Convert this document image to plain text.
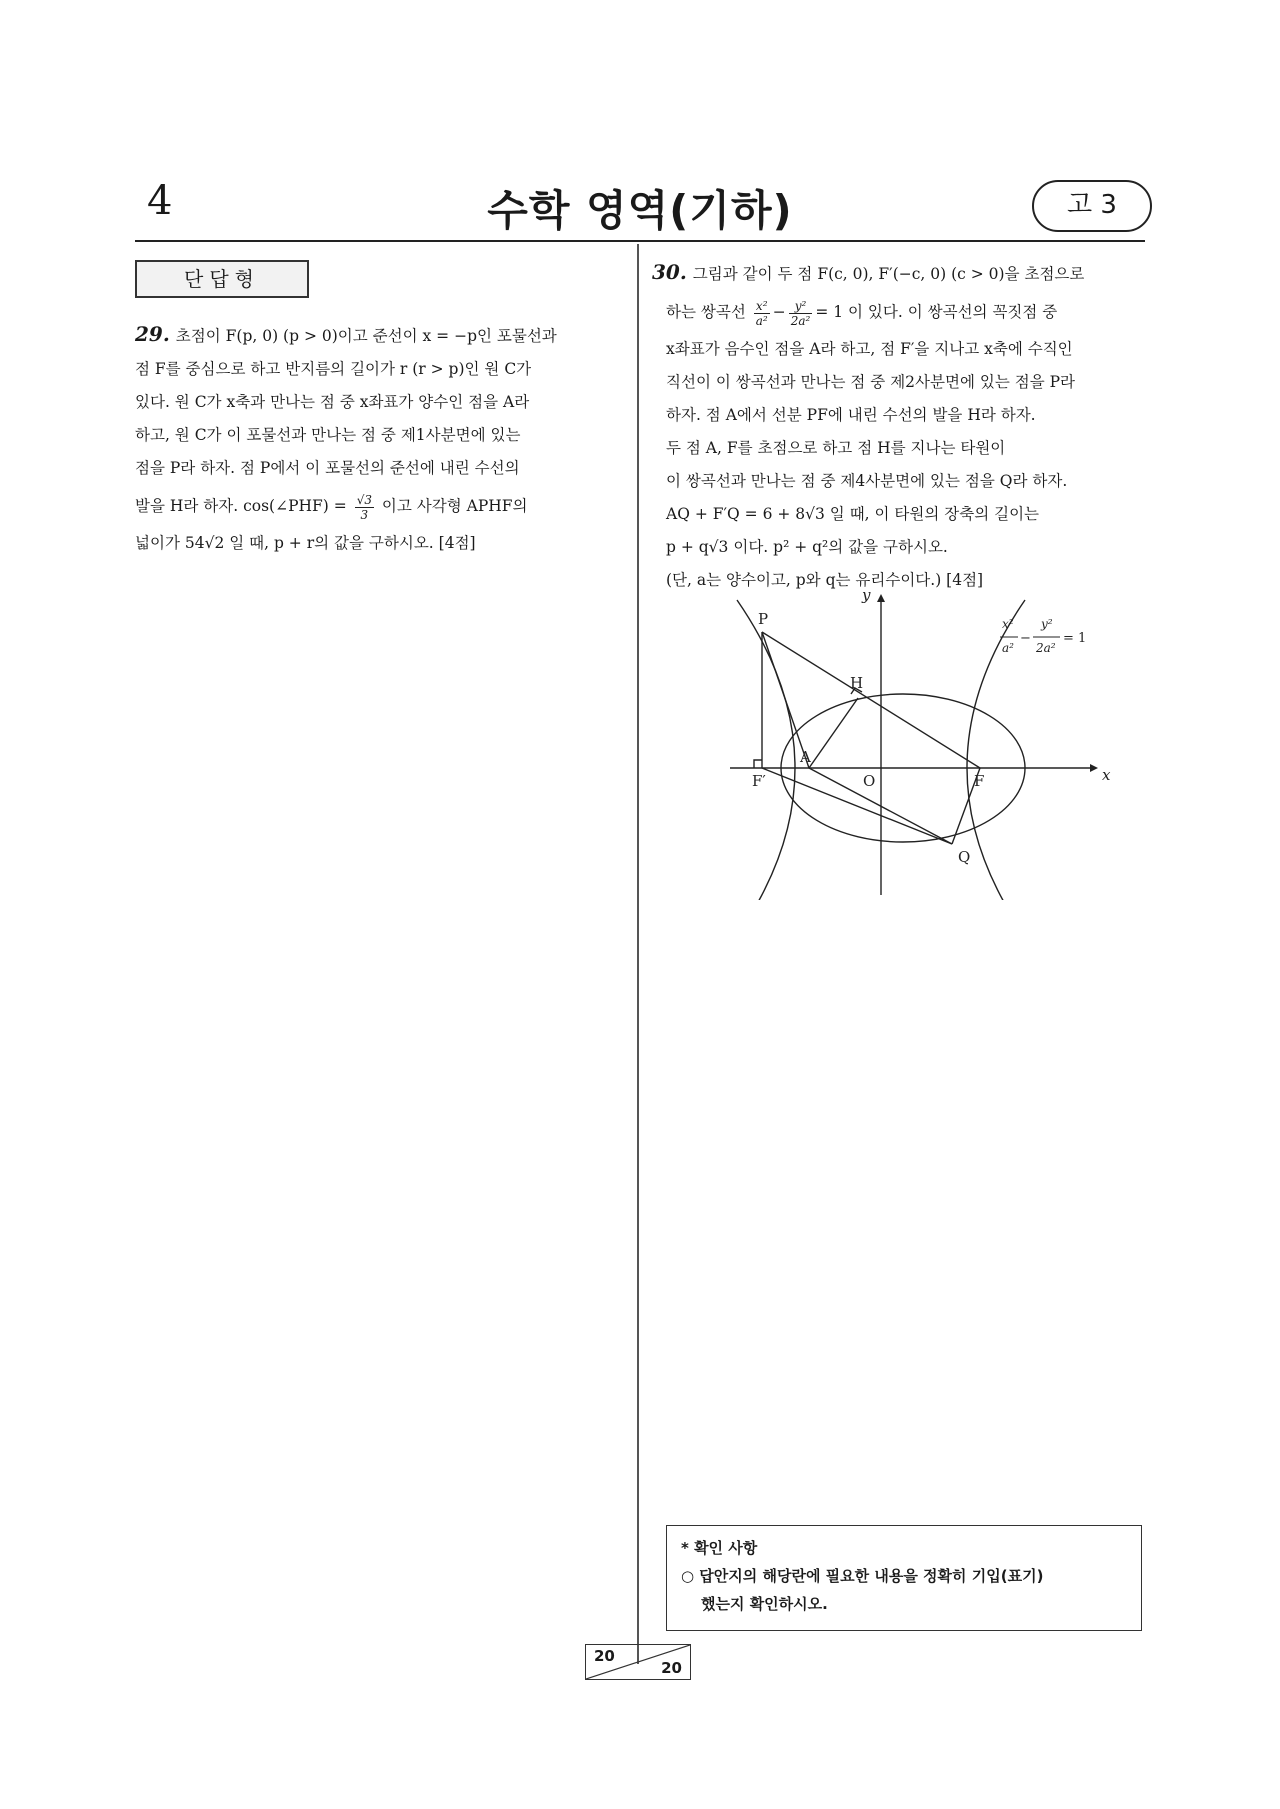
4	수학 영역(기하)	고 3
단답형
29. 초점이 F(p, 0) (p > 0)이고 준선이 x = −p인 포물선과
점 F를 중심으로 하고 반지름의 길이가 r (r > p)인 원 C가
있다. 원 C가 x축과 만나는 점 중 x좌표가 양수인 점을 A라
하고, 원 C가 이 포물선과 만나는 점 중 제1사분면에 있는
점을 P라 하자. 점 P에서 이 포물선의 준선에 내린 수선의
발을 H라 하자. cos(∠PHF) = $\frac{√3}{3}$ 이고 사각형 APHF의
넓이가 54√2 일 때, p + r의 값을 구하시오. [4점]
30. 그림과 같이 두 점 F(c, 0), F′(−c, 0) (c > 0)을 초점으로
하는 쌍곡선 $\frac{\text{x²}}{\text{a²}} - \frac{\text{y²}}{\text{2a²}} = 1$ 이 있다. 이 쌍곡선의 꼭짓점 중
x좌표가 음수인 점을 A라 하고, 점 F′을 지나고 x축에 수직인
직선이 이 쌍곡선과 만나는 점 중 제2사분면에 있는 점을 P라
하자. 점 A에서 선분 PF에 내린 수선의 발을 H라 하자.
두 점 A, F를 초점으로 하고 점 H를 지나는 타원이
이 쌍곡선과 만나는 점 중 제4사분면에 있는 점을 Q라 하자.
AQ + F′Q = 6 + 8√3 일 때, 이 타원의 장축의 길이는
p + q√3 이다. p² + q²의 값을 구하시오.
(단, a는 양수이고, p와 q는 유리수이다.) [4점]
y
x
P
H
A
F′	O	F
Q
x²
a²
−
y²
2a²
= 1
* 확인 사항
○ 답안지의 해당란에 필요한 내용을 정확히 기입(표기)
했는지 확인하시오.
20
20
